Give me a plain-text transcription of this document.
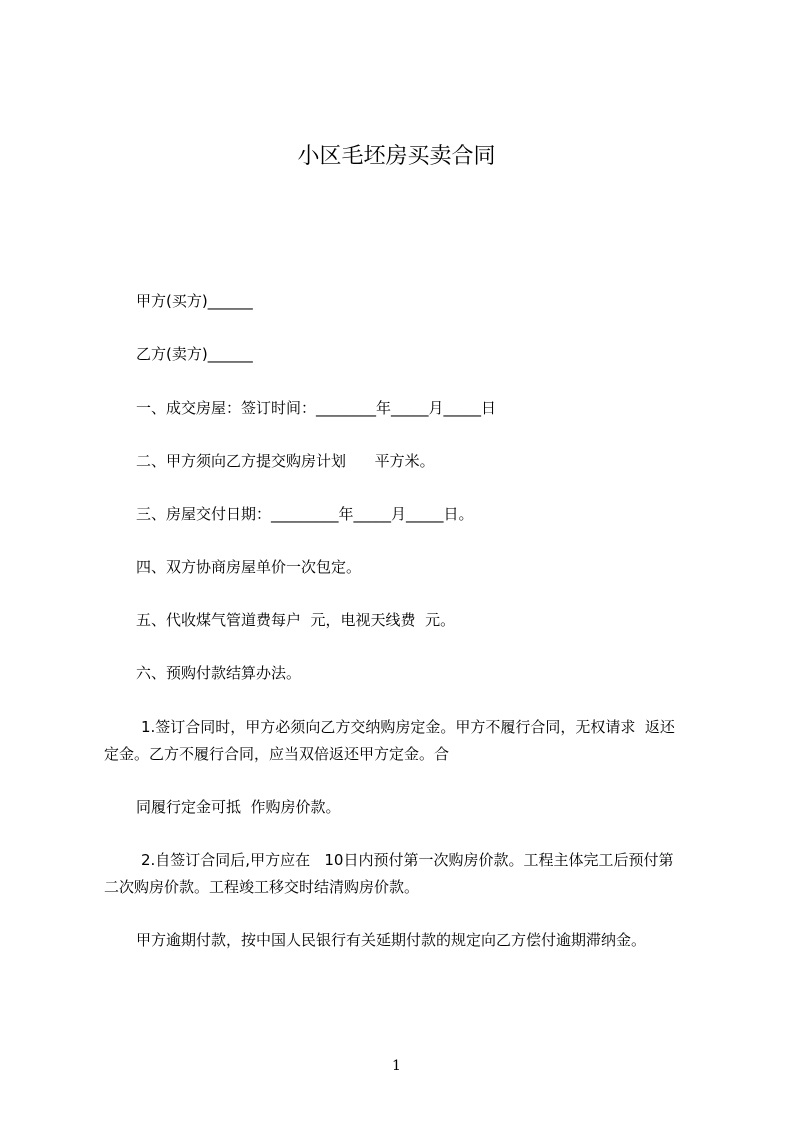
小区毛坯房买卖合同
甲方(买方)______
乙方(卖方)______
一、成交房屋：签订时间：________年_____月_____日
二、甲方须向乙方提交购房计划      平方米。
三、房屋交付日期：_________年_____月_____日。
四、双方协商房屋单价一次包定。
五、代收煤气管道费每户  元，电视天线费  元。
六、预购付款结算办法。
1.签订合同时，甲方必须向乙方交纳购房定金。甲方不履行合同，无权请求  返还
定金。乙方不履行合同，应当双倍返还甲方定金。合
同履行定金可抵  作购房价款。
2.自签订合同后,甲方应在   10日内预付第一次购房价款。工程主体完工后预付第
二次购房价款。工程竣工移交时结清购房价款。
甲方逾期付款，按中国人民银行有关延期付款的规定向乙方偿付逾期滞纳金。
1
